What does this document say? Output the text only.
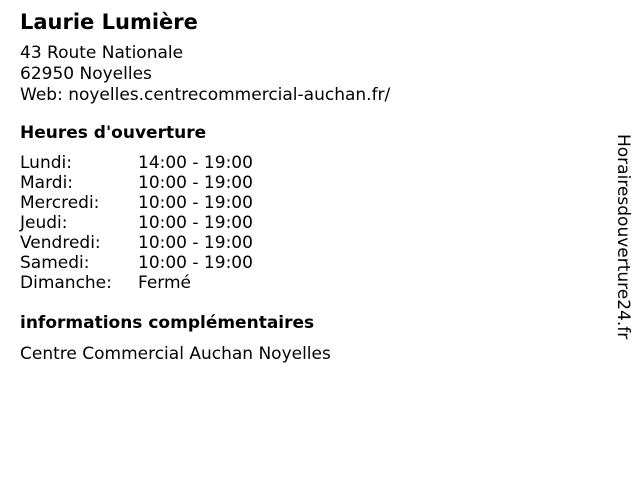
Laurie Lumière
43 Route Nationale
62950 Noyelles
Web: noyelles.centrecommercial-auchan.fr/
Heures d'ouverture
Lundi:	14:00 - 19:00
Mardi:	10:00 - 19:00
Mercredi:	10:00 - 19:00
Jeudi:	10:00 - 19:00
Vendredi:	10:00 - 19:00
Samedi:	10:00 - 19:00
Dimanche:	Fermé
informations complémentaires
Centre Commercial Auchan Noyelles
Horairesdouverture24.fr
